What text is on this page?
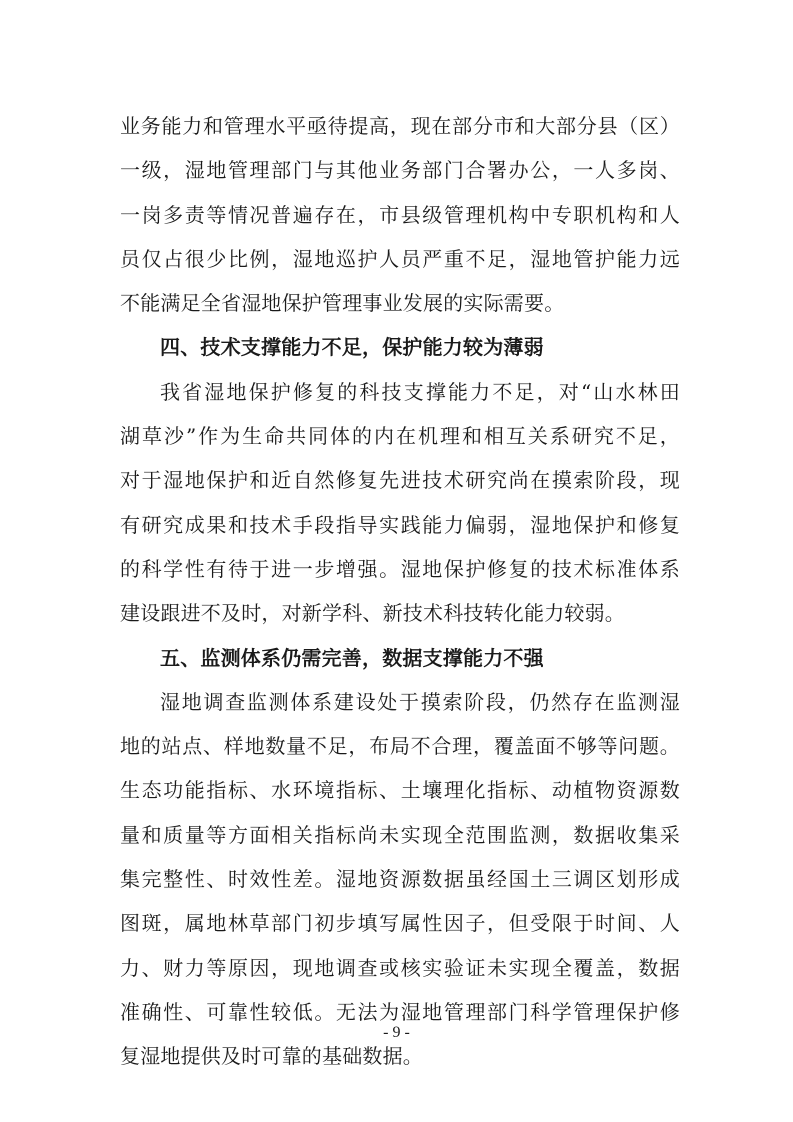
业务能力和管理水平亟待提高，现在部分市和大部分县（区）
一级，湿地管理部门与其他业务部门合署办公，一人多岗、
一岗多责等情况普遍存在，市县级管理机构中专职机构和人
员仅占很少比例，湿地巡护人员严重不足，湿地管护能力远
不能满足全省湿地保护管理事业发展的实际需要。
四、技术支撑能力不足，保护能力较为薄弱
我省湿地保护修复的科技支撑能力不足，对“山水林田
湖草沙”作为生命共同体的内在机理和相互关系研究不足，
对于湿地保护和近自然修复先进技术研究尚在摸索阶段，现
有研究成果和技术手段指导实践能力偏弱，湿地保护和修复
的科学性有待于进一步增强。湿地保护修复的技术标准体系
建设跟进不及时，对新学科、新技术科技转化能力较弱。
五、监测体系仍需完善，数据支撑能力不强
湿地调查监测体系建设处于摸索阶段，仍然存在监测湿
地的站点、样地数量不足，布局不合理，覆盖面不够等问题。
生态功能指标、水环境指标、土壤理化指标、动植物资源数
量和质量等方面相关指标尚未实现全范围监测，数据收集采
集完整性、时效性差。湿地资源数据虽经国土三调区划形成
图斑，属地林草部门初步填写属性因子，但受限于时间、人
力、财力等原因，现地调查或核实验证未实现全覆盖，数据
准确性、可靠性较低。无法为湿地管理部门科学管理保护修
复湿地提供及时可靠的基础数据。
- 9 -
